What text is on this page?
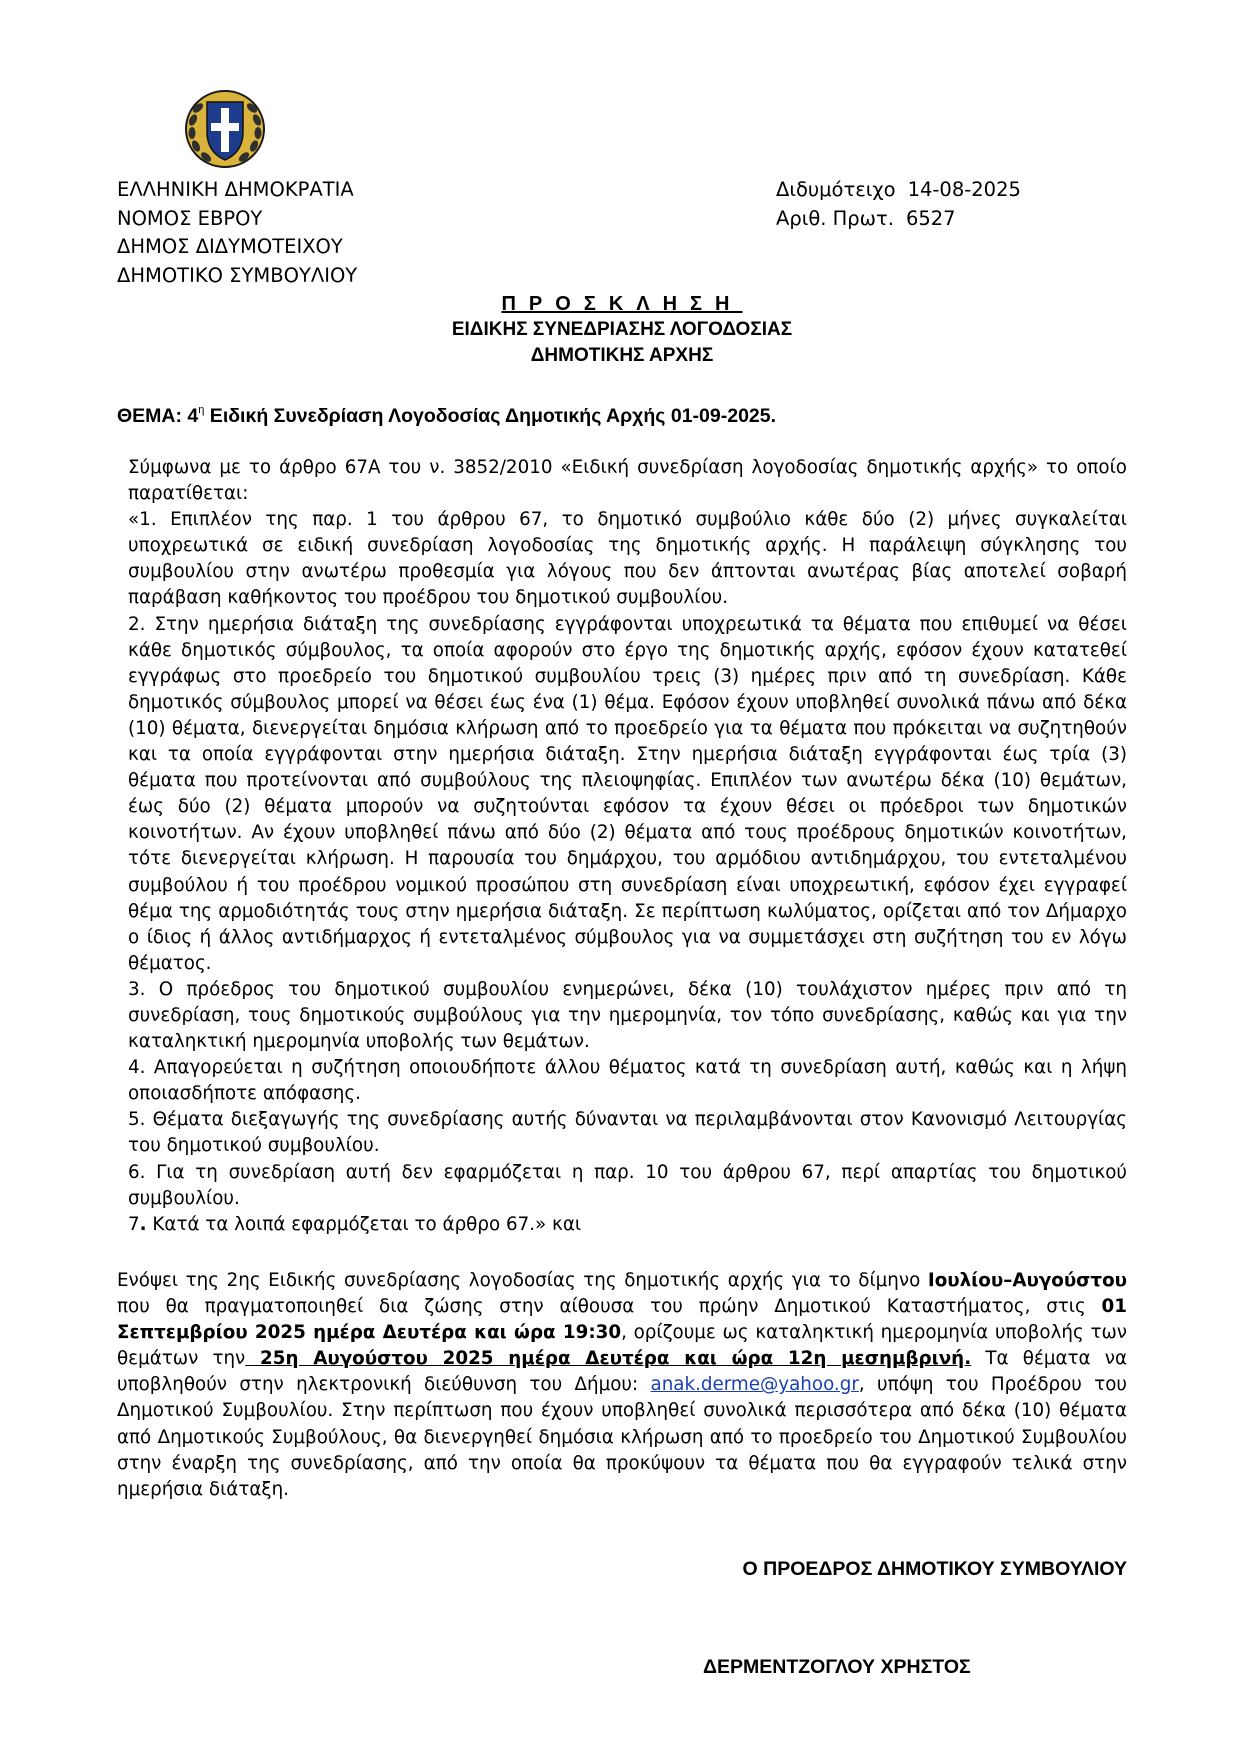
ΕΛΛΗΝΙΚΗ ΔΗΜΟΚΡΑΤΙΑ
ΝΟΜΟΣ ΕΒΡΟΥ
ΔΗΜΟΣ ΔΙΔΥΜΟΤΕΙΧΟΥ
ΔΗΜΟΤΙΚΟ ΣΥΜΒΟΥΛΙΟΥ
Διδυμότειχο 14-08-2025
Αριθ. Πρωτ. 6527
ΠΡΟΣΚΛΗΣΗ
ΕΙΔΙΚΗΣ ΣΥΝΕΔΡΙΑΣΗΣ ΛΟΓΟΔΟΣΙΑΣ
ΔΗΜΟΤΙΚΗΣ ΑΡΧΗΣ
ΘΕΜΑ: $4^\eta$ Ειδική Συνεδρίαση Λογοδοσίας Δημοτικής Αρχής 01-09-2025.

Σύμφωνα με το άρθρο 67Α του ν. 3852/2010 «Ειδική συνεδρίαση λογοδοσίας δημοτικής αρχής» το οποίο παρατίθεται:

«1. Επιπλέον της παρ. 1 του άρθρου 67, το δημοτικό συμβούλιο κάθε δύο (2) μήνες συγκαλείται υποχρεωτικά σε ειδική συνεδρίαση λογοδοσίας της δημοτικής αρχής. Η παράλειψη σύγκλησης του συμβουλίου στην ανωτέρω προθεσμία για λόγους που δεν άπτονται ανωτέρας βίας αποτελεί σοβαρή παράβαση καθήκοντος του προέδρου του δημοτικού συμβουλίου.

2. Στην ημερήσια διάταξη της συνεδρίασης εγγράφονται υποχρεωτικά τα θέματα που επιθυμεί να θέσει κάθε δημοτικός σύμβουλος, τα οποία αφορούν στο έργο της δημοτικής αρχής, εφόσον έχουν κατατεθεί εγγράφως στο προεδρείο του δημοτικού συμβουλίου τρεις (3) ημέρες πριν από τη συνεδρίαση. Κάθε δημοτικός σύμβουλος μπορεί να θέσει έως ένα (1) θέμα. Εφόσον έχουν υποβληθεί συνολικά πάνω από δέκα (10) θέματα, διενεργείται δημόσια κλήρωση από το προεδρείο για τα θέματα που πρόκειται να συζητηθούν και τα οποία εγγράφονται στην ημερήσια διάταξη. Στην ημερήσια διάταξη εγγράφονται έως τρία (3) θέματα που προτείνονται από συμβούλους της πλειοψηφίας. Επιπλέον των ανωτέρω δέκα (10) θεμάτων, έως δύο (2) θέματα μπορούν να συζητούνται εφόσον τα έχουν θέσει οι πρόεδροι των δημοτικών κοινοτήτων. Αν έχουν υποβληθεί πάνω από δύο (2) θέματα από τους προέδρους δημοτικών κοινοτήτων, τότε διενεργείται κλήρωση. Η παρουσία του δημάρχου, του αρμόδιου αντιδημάρχου, του εντεταλμένου συμβούλου ή του προέδρου νομικού προσώπου στη συνεδρίαση είναι υποχρεωτική, εφόσον έχει εγγραφεί θέμα της αρμοδιότητάς τους στην ημερήσια διάταξη. Σε περίπτωση κωλύματος, ορίζεται από τον Δήμαρχο ο ίδιος ή άλλος αντιδήμαρχος ή εντεταλμένος σύμβουλος για να συμμετάσχει στη συζήτηση του εν λόγω θέματος.

3. Ο πρόεδρος του δημοτικού συμβουλίου ενημερώνει, δέκα (10) τουλάχιστον ημέρες πριν από τη συνεδρίαση, τους δημοτικούς συμβούλους για την ημερομηνία, τον τόπο συνεδρίασης, καθώς και για την καταληκτική ημερομηνία υποβολής των θεμάτων.

4. Απαγορεύεται η συζήτηση οποιουδήποτε άλλου θέματος κατά τη συνεδρίαση αυτή, καθώς και η λήψη οποιασδήποτε απόφασης.

5. Θέματα διεξαγωγής της συνεδρίασης αυτής δύνανται να περιλαμβάνονται στον Κανονισμό Λειτουργίας του δημοτικού συμβουλίου.

6. Για τη συνεδρίαση αυτή δεν εφαρμόζεται η παρ. 10 του άρθρου 67, περί απαρτίας του δημοτικού συμβουλίου.

7. Κατά τα λοιπά εφαρμόζεται το άρθρο 67.» και

Ενόψει της 2ης Ειδικής συνεδρίασης λογοδοσίας της δημοτικής αρχής για το δίμηνο Ιουλίου–Αυγούστου που θα πραγματοποιηθεί δια ζώσης στην αίθουσα του πρώην Δημοτικού Καταστήματος, στις 01 Σεπτεμβρίου 2025 ημέρα Δευτέρα και ώρα 19:30, ορίζουμε ως καταληκτική ημερομηνία υποβολής των θεμάτων την 25η Αυγούστου 2025 ημέρα Δευτέρα και ώρα 12η μεσημβρινή. Τα θέματα να υποβληθούν στην ηλεκτρονική διεύθυνση του Δήμου: anak.derme@yahoo.gr, υπόψη του Προέδρου του Δημοτικού Συμβουλίου. Στην περίπτωση που έχουν υποβληθεί συνολικά περισσότερα από δέκα (10) θέματα από Δημοτικούς Συμβούλους, θα διενεργηθεί δημόσια κλήρωση από το προεδρείο του Δημοτικού Συμβουλίου στην έναρξη της συνεδρίασης, από την οποία θα προκύψουν τα θέματα που θα εγγραφούν τελικά στην ημερήσια διάταξη.

Ο ΠΡΟΕΔΡΟΣ ΔΗΜΟΤΙΚΟΥ ΣΥΜΒΟΥΛΙΟΥ
ΔΕΡΜΕΝΤΖΟΓΛΟΥ ΧΡΗΣΤΟΣ
